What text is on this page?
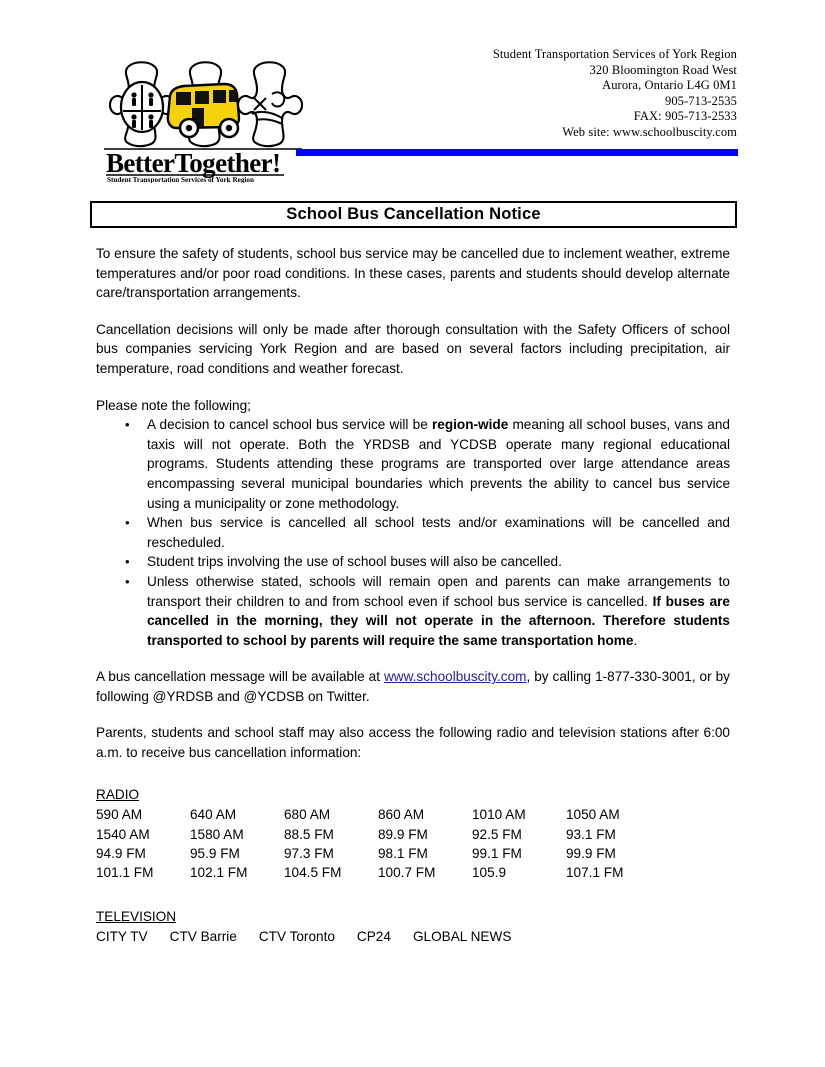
BetterTogether!
Student Transportation Services of York Region
Student Transportation Services of York Region
320 Bloomington Road West
Aurora, Ontario L4G 0M1
905-713-2535
FAX: 905-713-2533
Web site: www.schoolbuscity.com
School Bus Cancellation Notice

To ensure the safety of students, school bus service may be cancelled due to inclement weather, extreme temperatures and/or poor road conditions. In these cases, parents and students should develop alternate care/transportation arrangements.

Cancellation decisions will only be made after thorough consultation with the Safety Officers of school bus companies servicing York Region and are based on several factors including precipitation, air temperature, road conditions and weather forecast.

Please note the following;

• A decision to cancel school bus service will be region-wide meaning all school buses, vans and taxis will not operate. Both the YRDSB and YCDSB operate many regional educational programs. Students attending these programs are transported over large attendance areas encompassing several municipal boundaries which prevents the ability to cancel bus service using a municipality or zone methodology.
• When bus service is cancelled all school tests and/or examinations will be cancelled and rescheduled.
• Student trips involving the use of school buses will also be cancelled.
• Unless otherwise stated, schools will remain open and parents can make arrangements to transport their children to and from school even if school bus service is cancelled. If buses are cancelled in the morning, they will not operate in the afternoon. Therefore students transported to school by parents will require the same transportation home.

A bus cancellation message will be available at www.schoolbuscity.com, by calling 1-877-330-3001, or by following @YRDSB and @YCDSB on Twitter.

Parents, students and school staff may also access the following radio and television stations after 6:00 a.m. to receive bus cancellation information:

RADIO
590 AM	640 AM	680 AM	860 AM	1010 AM	1050 AM
1540 AM	1580 AM	88.5 FM	89.9 FM	92.5 FM	93.1 FM
94.9 FM	95.9 FM	97.3 FM	98.1 FM	99.1 FM	99.9 FM
101.1 FM	102.1 FM	104.5 FM	100.7 FM	105.9	107.1 FM
TELEVISION
CITY TV	CTV Barrie	CTV Toronto	CP24	GLOBAL NEWS
